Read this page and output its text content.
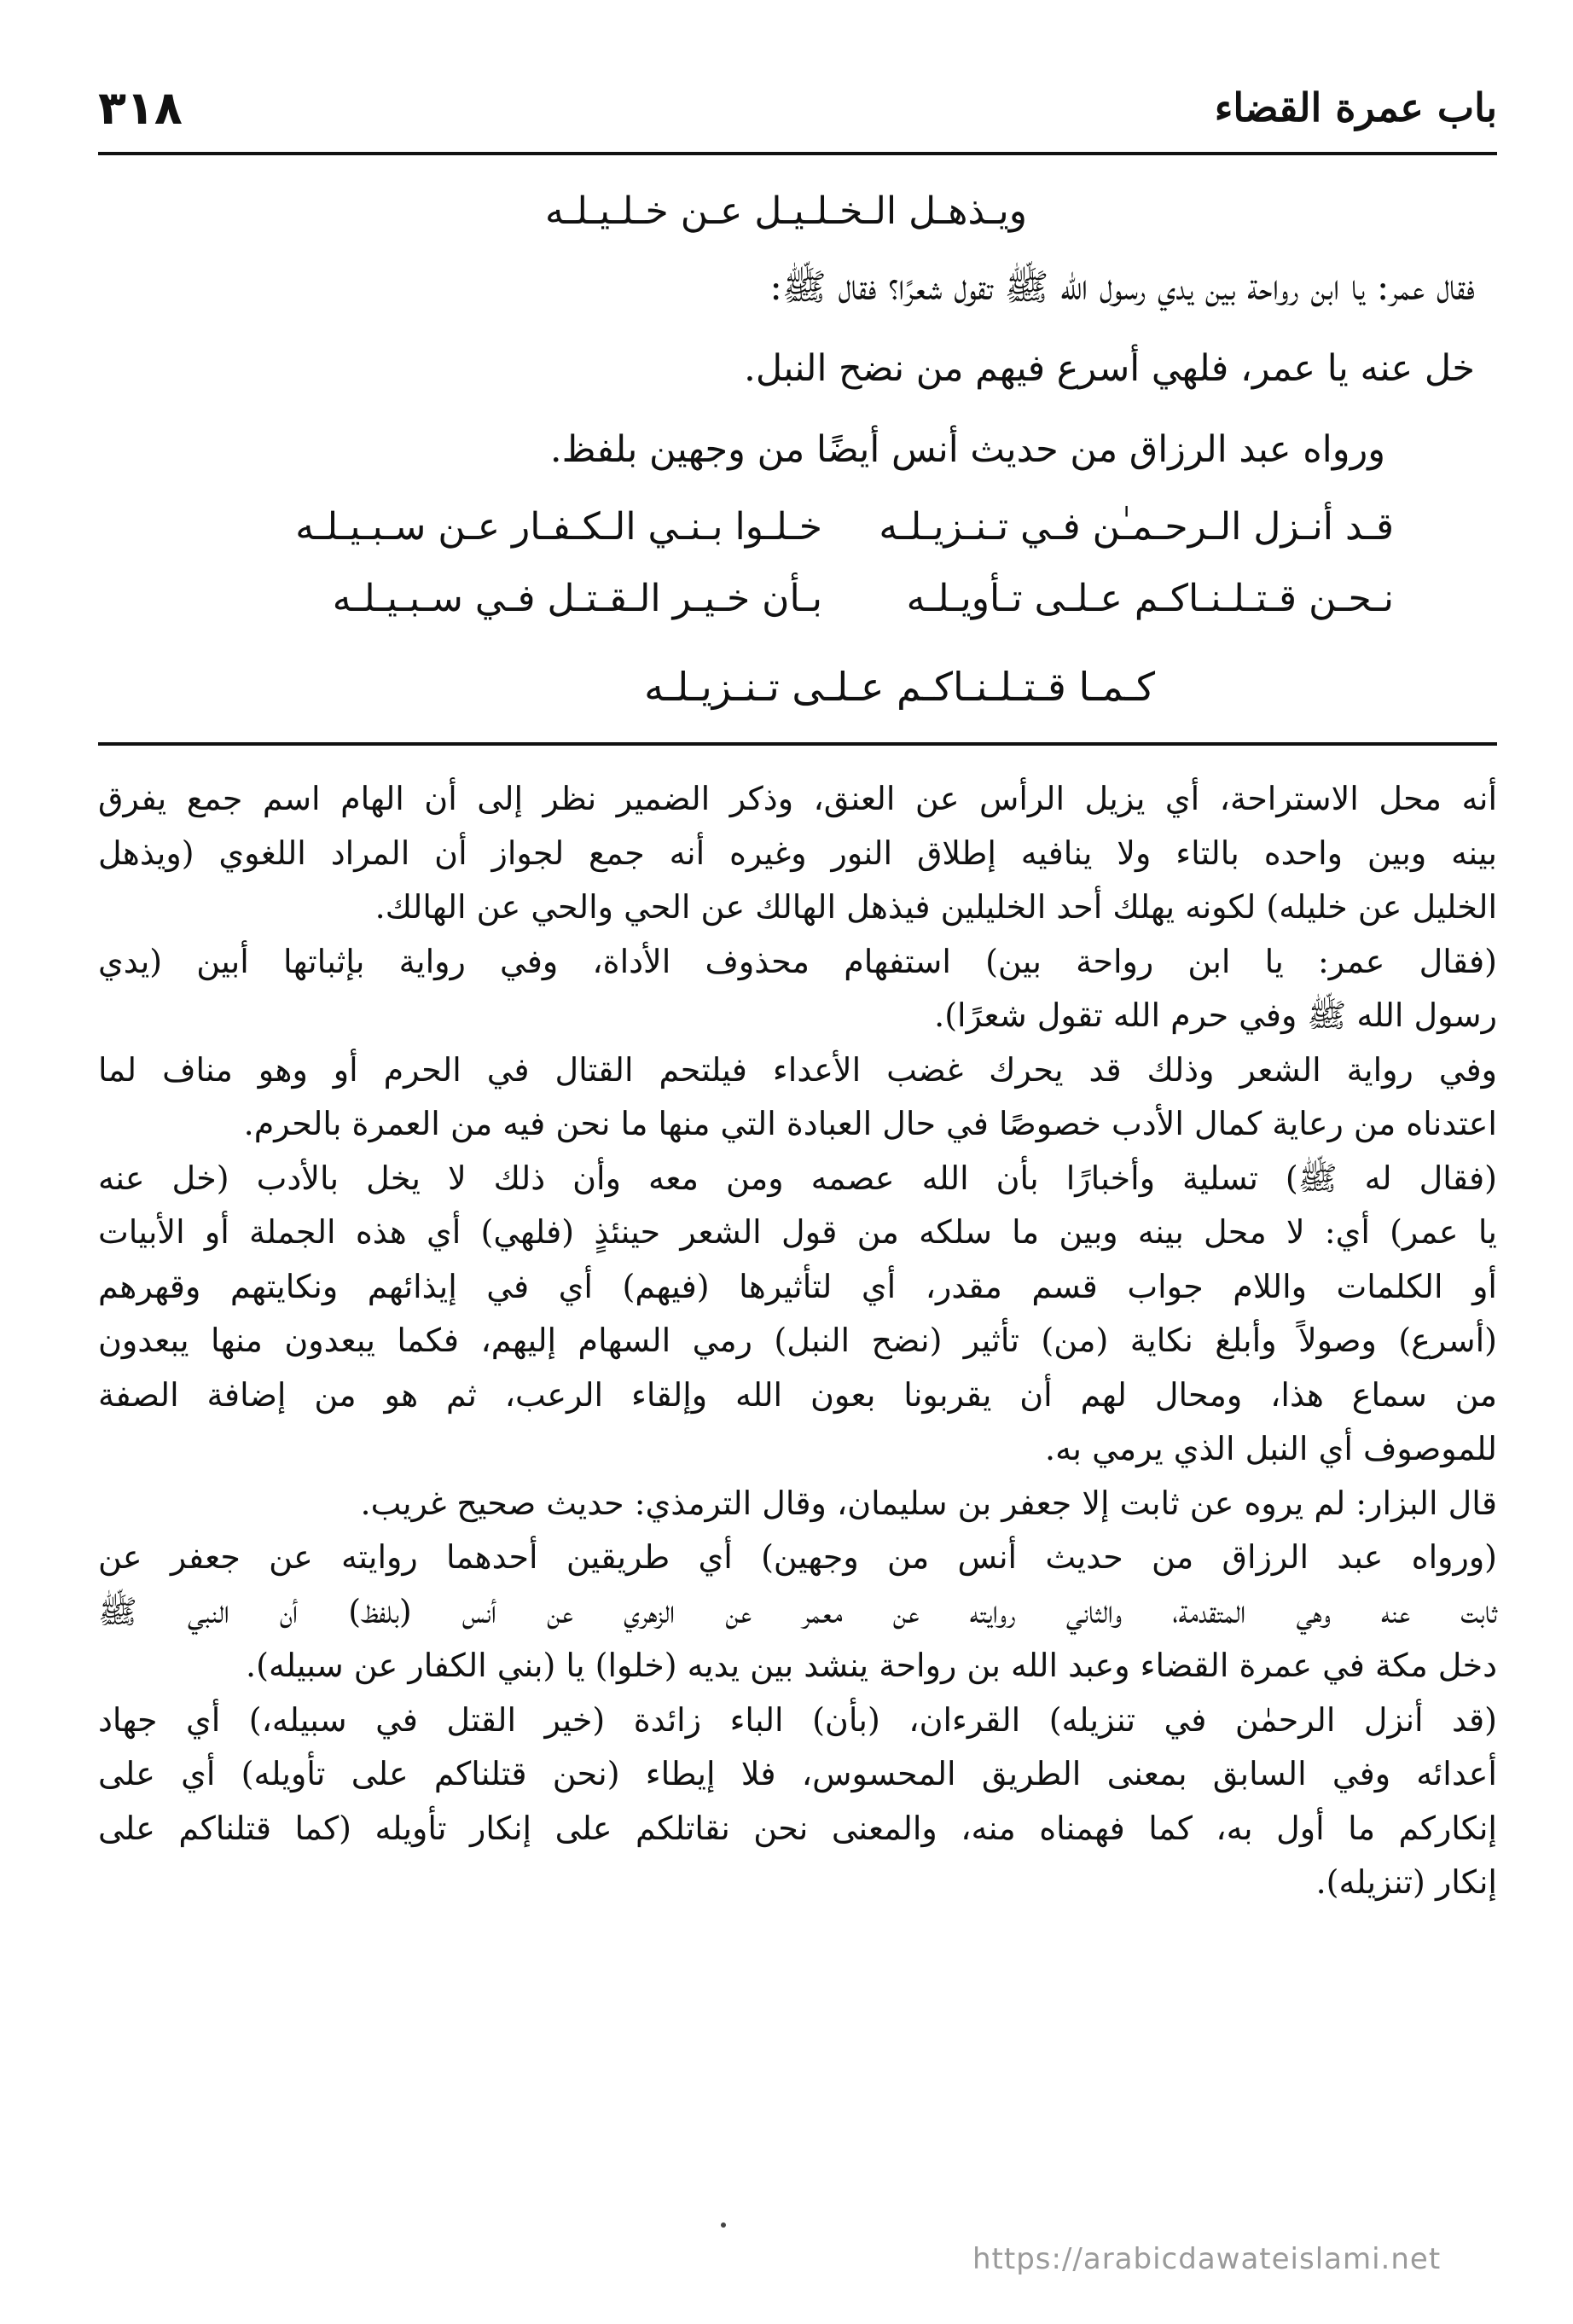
٣١٨	باب عمرة القضاء
ويـذهـل الـخـلـيـل عـن خـلـيـلـه
فقال عمر: يا ابن رواحة بين يدي رسول الله ﷺ تقول شعرًا؟ فقال ﷺ:
خل عنه يا عمر، فلهي أسرع فيهم من نضح النبل.
ورواه عبد الرزاق من حديث أنس أيضًا من وجهين بلفظ.
خـلـوا بـنـي الـكـفـار عـن سـبـيـلـه قـد أنـزل الـرحـمـٰن فـي تـنـزيـلـه
بـأن خـيـر الـقـتـل فـي سـبـيـلـه نـحـن قـتـلـنـاكـم عـلـى تـأويـلـه
كـمـا قـتـلـنـاكـم عـلـى تـنـزيـلـه
أنه محل الاستراحة، أي يزيل الرأس عن العنق، وذكر الضمير نظر إلى أن الهام اسم جمع يفرق
بينه وبين واحده بالتاء ولا ينافيه إطلاق النور وغيره أنه جمع لجواز أن المراد اللغوي (ويذهل
الخليل عن خليله) لكونه يهلك أحد الخليلين فيذهل الهالك عن الحي والحي عن الهالك.
(فقال عمر: يا ابن رواحة بين) استفهام محذوف الأداة، وفي رواية بإثباتها أبين (يدي
رسول الله ﷺ وفي حرم الله تقول شعرًا).
وفي رواية الشعر وذلك قد يحرك غضب الأعداء فيلتحم القتال في الحرم أو وهو مناف لما
اعتدناه من رعاية كمال الأدب خصوصًا في حال العبادة التي منها ما نحن فيه من العمرة بالحرم.
(فقال له ﷺ) تسلية وأخبارًا بأن الله عصمه ومن معه وأن ذلك لا يخل بالأدب (خل عنه
يا عمر) أي: لا محل بينه وبين ما سلكه من قول الشعر حينئذٍ (فلهي) أي هذه الجملة أو الأبيات
أو الكلمات واللام جواب قسم مقدر، أي لتأثيرها (فيهم) أي في إيذائهم ونكايتهم وقهرهم
(أسرع) وصولاً وأبلغ نكاية (من) تأثير (نضح النبل) رمي السهام إليهم، فكما يبعدون منها يبعدون
من سماع هذا، ومحال لهم أن يقربونا بعون الله وإلقاء الرعب، ثم هو من إضافة الصفة
للموصوف أي النبل الذي يرمي به.
قال البزار: لم يروه عن ثابت إلا جعفر بن سليمان، وقال الترمذي: حديث صحيح غريب.
(ورواه عبد الرزاق من حديث أنس من وجهين) أي طريقين أحدهما روايته عن جعفر عن
ثابت عنه وهي المتقدمة، والثاني روايته عن معمر عن الزهري عن أنس (بلفظ) أن النبي ﷺ
دخل مكة في عمرة القضاء وعبد الله بن رواحة ينشد بين يديه (خلوا) يا (بني الكفار عن سبيله).
(قد أنزل الرحمٰن في تنزيله) القرءان، (بأن) الباء زائدة (خير القتل في سبيله،) أي جهاد
أعدائه وفي السابق بمعنى الطريق المحسوس، فلا إيطاء (نحن قتلناكم على تأويله) أي على
إنكاركم ما أول به، كما فهمناه منه، والمعنى نحن نقاتلكم على إنكار تأويله (كما قتلناكم على
إنكار (تنزيله).
https://arabicdawateislami.net
